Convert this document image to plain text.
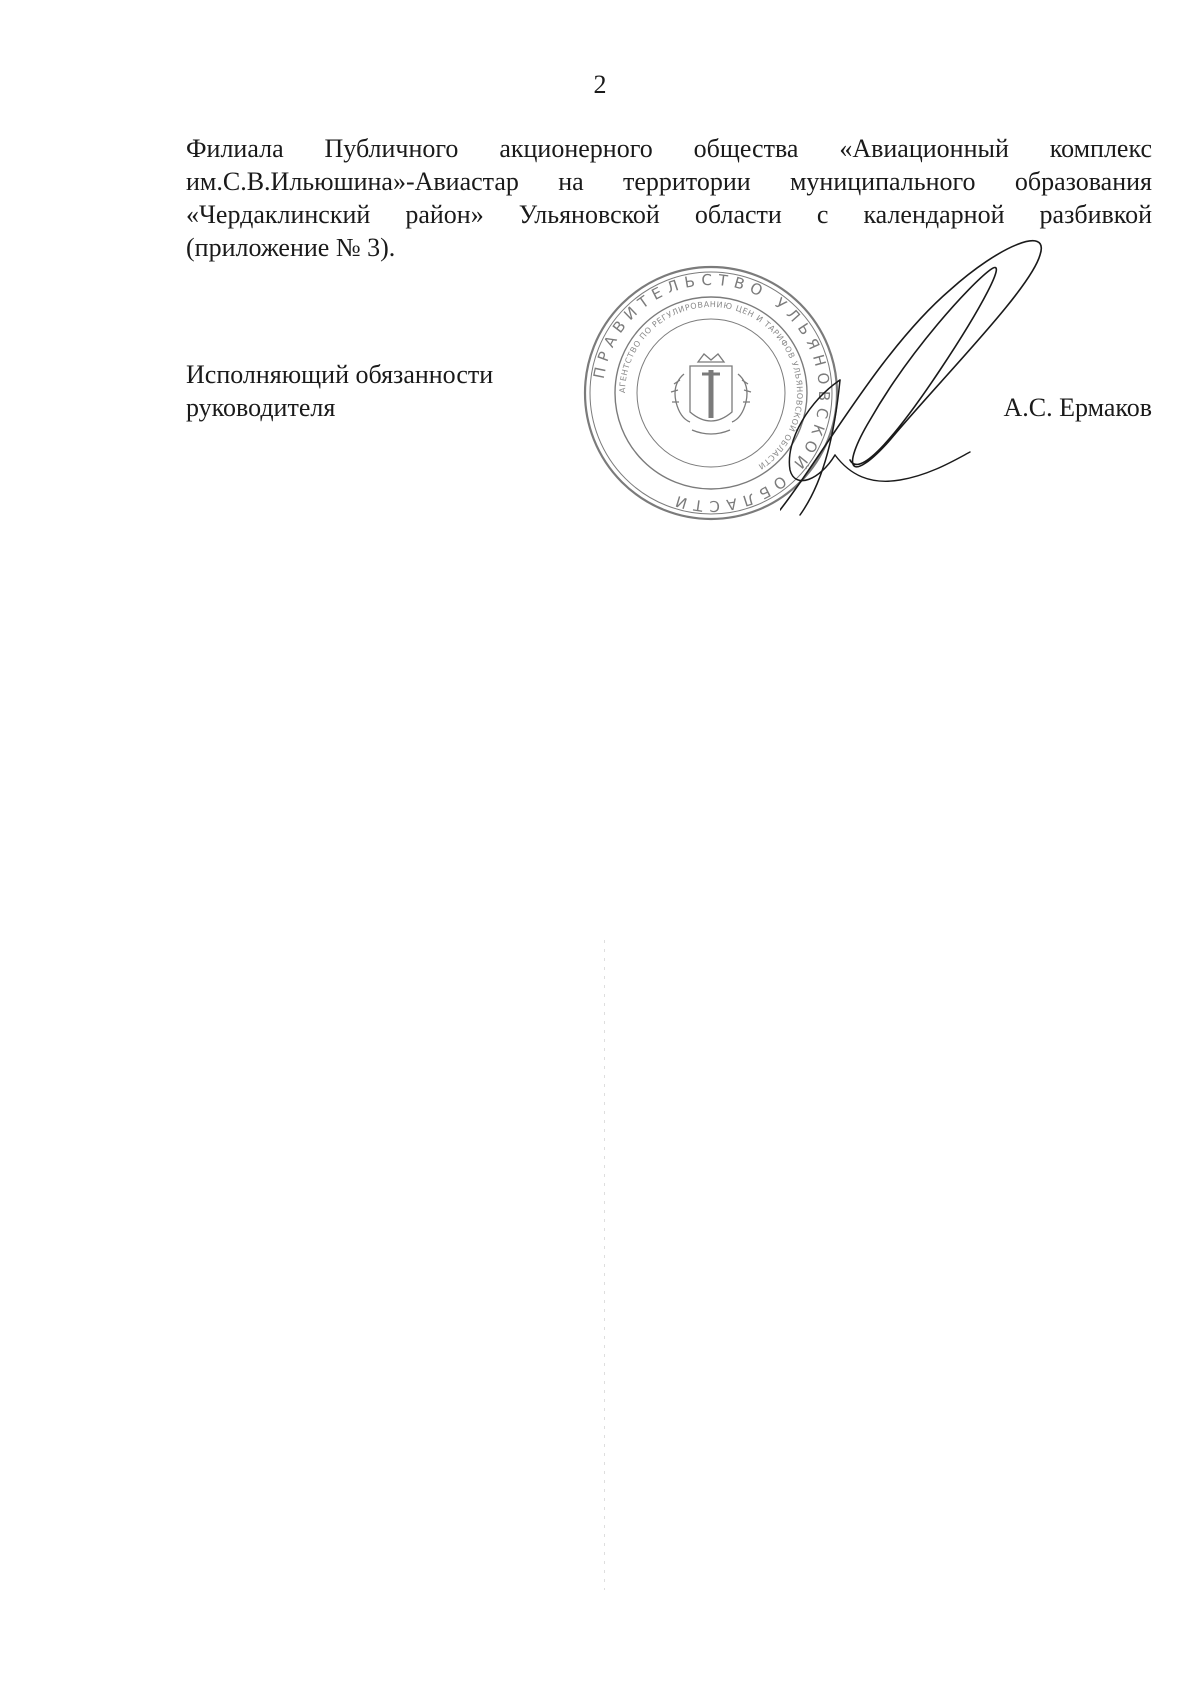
2
Филиала Публичного акционерного общества «Авиационный комплекс
им.С.В.Ильюшина»-Авиастар на территории муниципального образования
«Чердаклинский район» Ульяновской области с календарной разбивкой
(приложение № 3).
Исполняющий обязанности
руководителя
ПРАВИТЕЛЬСТВО УЛЬЯНОВСКОЙ ОБЛАСТИ
АГЕНТСТВО ПО РЕГУЛИРОВАНИЮ ЦЕН И ТАРИФОВ УЛЬЯНОВСКОЙ ОБЛАСТИ
А.С. Ермаков
